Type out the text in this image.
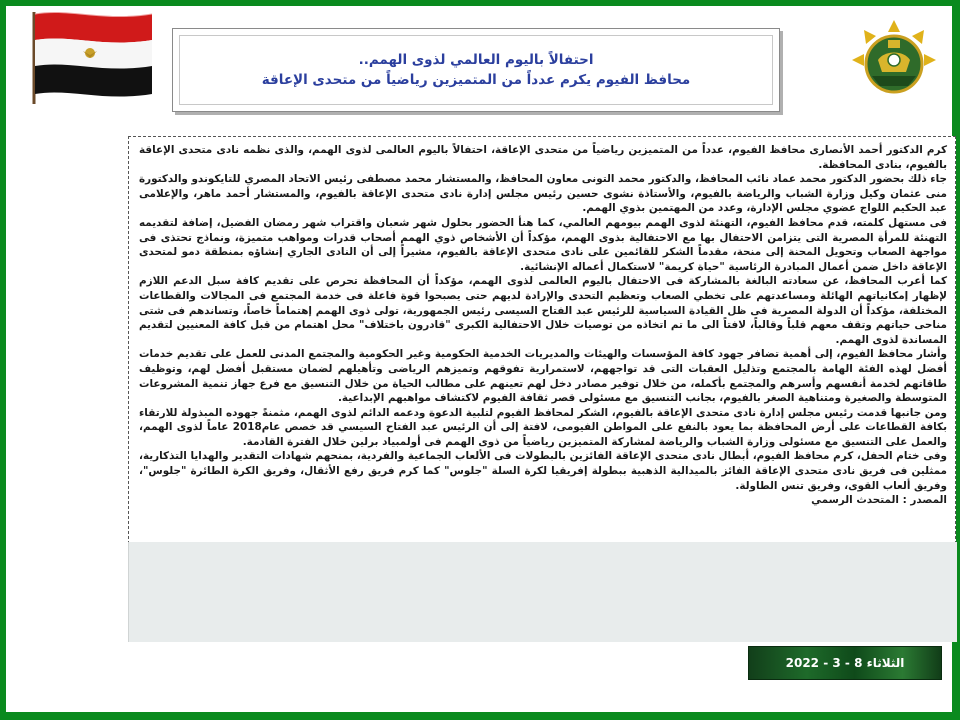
احتفالاً باليوم العالمي لذوى الهمم..
محافظ الفيوم يكرم عدداً من المتميزين رياضياً من متحدى الإعاقة

كرم الدكتور أحمد الأنصارى محافظ الفيوم، عدداً من المتميزين رياضياً من متحدى الإعاقة، احتفالاً باليوم العالمى لذوى الهمم، والذى نظمه نادى متحدى الإعاقة بالفيوم، بنادى المحافظة.

جاء ذلك بحضور الدكتور محمد عماد نائب المحافظ، والدكتور محمد التونى معاون المحافظ، والمستشار محمد مصطفى رئيس الاتحاد المصري للتايكوندو والدكتورة منى عثمان وكيل وزارة الشباب والرياضة بالفيوم، والأستاذة نشوى حسين رئيس مجلس إدارة نادى متحدى الإعاقة بالفيوم، والمستشار أحمد ماهر، والإعلامى عبد الحكيم اللواج عضوي مجلس الإدارة، وعدد من المهتمين بذوي الهمم.

فى مستهل كلمته، قدم محافظ الفيوم، التهنئة لذوى الهمم بيومهم العالمي، كما هنأ الحضور بحلول شهر شعبان واقتراب شهر رمضان الفضيل، إضافة لتقديمه التهنئة للمرأة المصرية التى يتزامن الاحتفال بها مع الاحتفالية بذوى الهمم، مؤكداً أن الأشخاص ذوي الهمم أصحاب قدرات ومواهب متميزة، ونماذج تحتذى فى مواجهة الصعاب وتحويل المحنة إلى منحة، مقدماً الشكر للقائمين على نادى متحدى الإعاقة بالفيوم، مشيراً إلى أن النادى الجاري إنشاؤه بمنطقة دمو لمتحدى الإعاقة داخل ضمن أعمال المبادرة الرئاسية "حياة كريمة" لاستكمال أعماله الإنشائية.

كما أعرب المحافظ، عن سعادته البالغة بالمشاركة فى الاحتفال باليوم العالمى لذوى الهمم، مؤكداً أن المحافظة تحرص على تقديم كافة سبل الدعم اللازم لإظهار إمكانياتهم الهائلة ومساعدتهم على تخطي الصعاب وتعظيم التحدى والإرادة لديهم حتى يصبحوا قوة فاعلة فى خدمة المجتمع فى المجالات والقطاعات المختلفة، مؤكداً أن الدولة المصرية فى ظل القيادة السياسية للرئيس عبد الفتاح السيسى رئيس الجمهورية، تولى ذوى الهمم إهتماماً خاصاً، وتساندهم فى شتى مناحى حياتهم وتقف معهم قلباً وقالباً، لافتاً الى ما تم اتخاذه من توصيات خلال الاحتفالية الكبرى "قادرون باختلاف" محل اهتمام من قبل كافة المعنيين لتقديم المساندة لذوى الهمم.

وأشار محافظ الفيوم، إلى أهمية تضافر جهود كافة المؤسسات والهيئات والمديريات الخدمية الحكومية وغير الحكومية والمجتمع المدنى للعمل على تقديم خدمات أفضل لهذه الفئة الهامة بالمجتمع وتذليل العقبات التى قد تواجههم، لاستمرارية تفوقهم وتميزهم الرياضى وتأهيلهم لضمان مستقبل أفضل لهم، وتوظيف طاقاتهم لخدمة أنفسهم وأسرهم والمجتمع بأكمله، من خلال توفير مصادر دخل لهم تعينهم على مطالب الحياة من خلال التنسيق مع فرع جهاز تنمية المشروعات المتوسطة والصغيرة ومتناهية الصغر بالفيوم، بجانب التنسيق مع مسئولى قصر ثقافة الفيوم لاكتشاف مواهبهم الإبداعية.

ومن جانبها قدمت رئيس مجلس إدارة نادى متحدى الإعاقة بالفيوم، الشكر لمحافظ الفيوم لتلبية الدعوة ودعمه الدائم لذوى الهمم، مثمنةً جهوده المبذولة للارتقاء بكافة القطاعات على أرض المحافظة بما يعود بالنفع على المواطن الفيومى، لافتة إلى أن الرئيس عبد الفتاح السيسي قد خصص عام2018 عاماً لذوى الهمم، والعمل على التنسيق مع مسئولى وزارة الشباب والرياضة لمشاركة المتميزين رياضياً من ذوى الهمم فى أولمبياد برلين خلال الفترة القادمة.

وفى ختام الحفل، كرم محافظ الفيوم، أبطال نادى متحدى الإعاقة الفائزين بالبطولات فى الألعاب الجماعية والفردية، بمنحهم شهادات التقدير والهدايا التذكارية، ممثلين فى فريق نادى متحدى الإعاقة الفائز بالميدالية الذهبية ببطولة إفريقيا لكرة السلة "جلوس" كما كرم فريق رفع الأثقال، وفريق الكرة الطائرة "جلوس"، وفريق ألعاب القوى، وفريق تنس الطاولة.

المصدر : المتحدث الرسمي

الثلاثاء 8 - 3 - 2022
